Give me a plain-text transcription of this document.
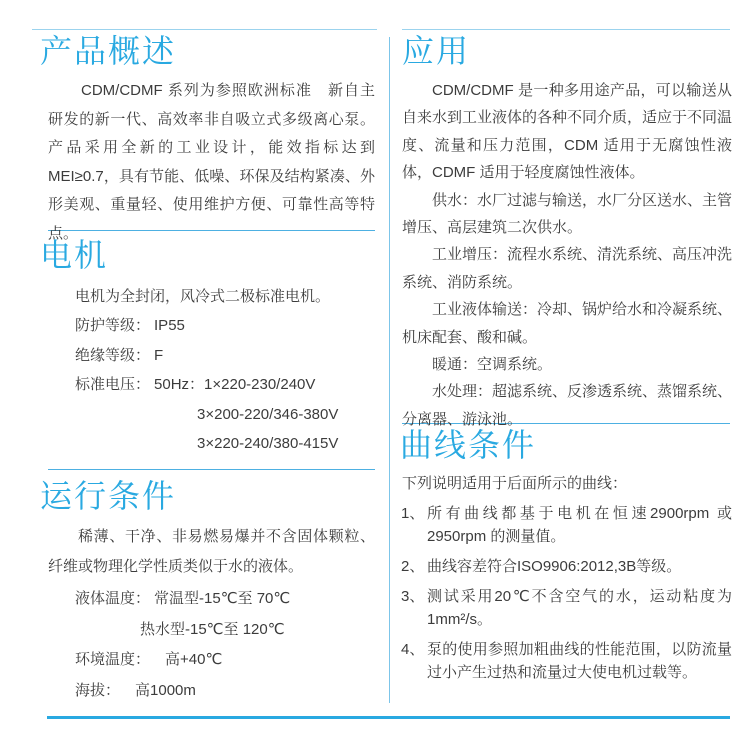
产品概述

CDM/CDMF 系列为参照欧洲标准　新自主研发的新一代、高效率非自吸立式多级离心泵。产品采用全新的工业设计，能效指标达到 MEI≥0.7，具有节能、低噪、环保及结构紧凑、外形美观、重量轻、使用维护方便、可靠性高等特点。

电机
电机为全封闭，风冷式二极标准电机。
防护等级： IP55
绝缘等级： F
标准电压： 50Hz：1×220-230/240V
3×200-220/346-380V
3×220-240/380-415V
运行条件

稀薄、干净、非易燃易爆并不含固体颗粒、纤维或物理化学性质类似于水的液体。

液体温度： 常温型-15℃至 70℃
热水型-15℃至 120℃
环境温度： 高+40℃
海拔： 高1000m
应用

CDM/CDMF 是一种多用途产品，可以输送从自来水到工业液体的各种不同介质，适应于不同温度、流量和压力范围，CDM 适用于无腐蚀性液体，CDMF 适用于轻度腐蚀性液体。

供水：水厂过滤与输送，水厂分区送水、主管增压、高层建筑二次供水。

工业增压：流程水系统、清洗系统、高压冲洗系统、消防系统。

工业液体输送：冷却、锅炉给水和冷凝系统、机床配套、酸和碱。

暖通：空调系统。

水处理：超滤系统、反渗透系统、蒸馏系统、分离器、游泳池。

曲线条件
下列说明适用于后面所示的曲线：
1、 所有曲线都基于电机在恒速2900rpm 或2950rpm 的测量值。
2、 曲线容差符合ISO9906:2012,3B等级。
3、 测试采用20℃不含空气的水，运动粘度为1mm²/s。
4、 泵的使用参照加粗曲线的性能范围，以防流量过小产生过热和流量过大使电机过载等。
